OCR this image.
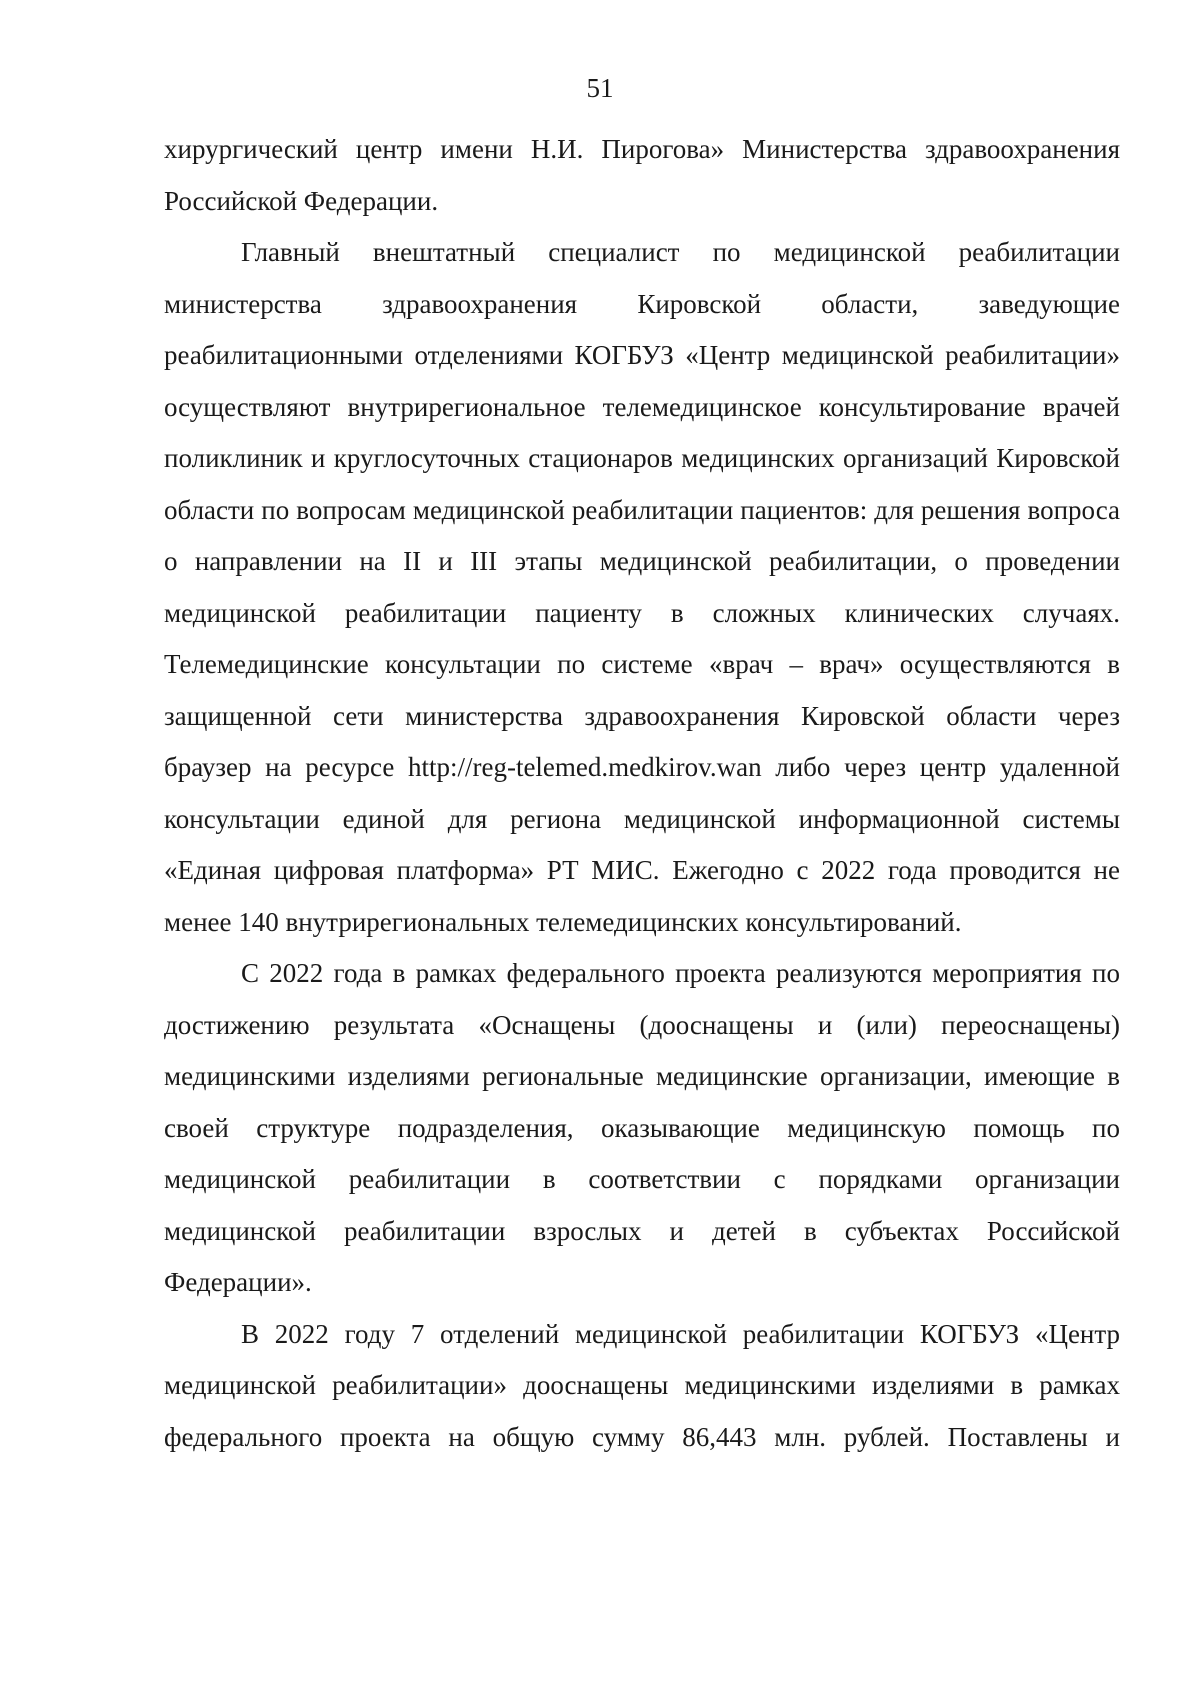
51

хирургический центр имени Н.И. Пирогова» Министерства здравоохранения Российской Федерации.

Главный внештатный специалист по медицинской реабилитации министерства здравоохранения Кировской области, заведующие реабилитационными отделениями КОГБУЗ «Центр медицинской реабилитации» осуществляют внутрирегиональное телемедицинское консультирование врачей поликлиник и круглосуточных стационаров медицинских организаций Кировской области по вопросам медицинской реабилитации пациентов: для решения вопроса о направлении на II и III этапы медицинской реабилитации, о проведении медицинской реабилитации пациенту в сложных клинических случаях. Телемедицинские консультации по системе «врач – врач» осуществляются в защищенной сети министерства здравоохранения Кировской области через браузер на ресурсе http://reg-telemed.medkirov.wan либо через центр удаленной консультации единой для региона медицинской информационной системы «Единая цифровая платформа» РТ МИС. Ежегодно с 2022 года проводится не менее 140 внутрирегиональных телемедицинских консультирований.

С 2022 года в рамках федерального проекта реализуются мероприятия по достижению результата «Оснащены (дооснащены и (или) переоснащены) медицинскими изделиями региональные медицинские организации, имеющие в своей структуре подразделения, оказывающие медицинскую помощь по медицинской реабилитации в соответствии с порядками организации медицинской реабилитации взрослых и детей в субъектах Российской Федерации».

В 2022 году 7 отделений медицинской реабилитации КОГБУЗ «Центр медицинской реабилитации» дооснащены медицинскими изделиями в рамках федерального проекта на общую сумму 86,443 млн. рублей. Поставлены и
